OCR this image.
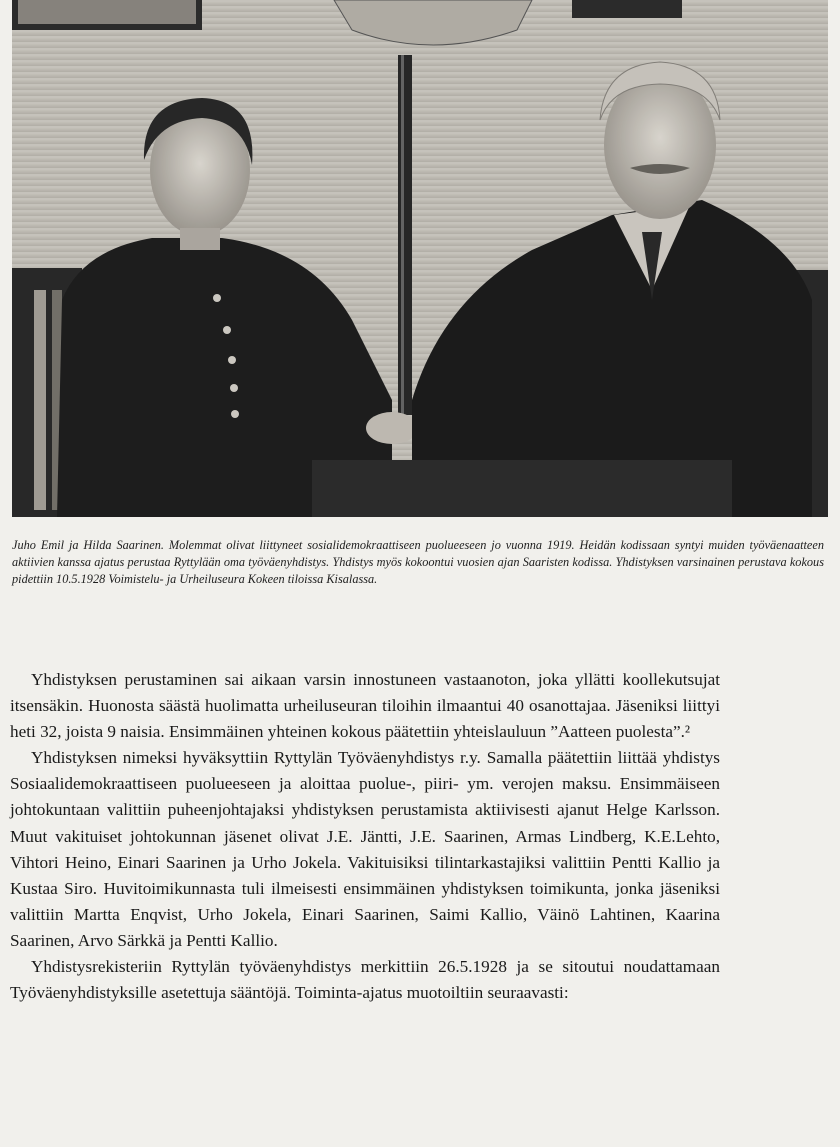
Juho Emil ja Hilda Saarinen. Molemmat olivat liittyneet sosialidemokraattiseen puolueeseen jo vuonna 1919. Heidän kodissaan syntyi muiden työväenaatteen aktiivien kanssa ajatus perustaa Ryttylään oma työväenyhdistys. Yhdistys myös kokoontui vuosien ajan Saaristen kodissa. Yhdistyksen varsinainen perustava kokous pidettiin 10.5.1928 Voimistelu- ja Urheiluseura Kokeen tiloissa Kisalassa.

Yhdistyksen perustaminen sai aikaan varsin innostuneen vastaanoton, joka yllätti koollekutsujat itsensäkin. Huonosta säästä huolimatta urheiluseuran tiloihin ilmaantui 40 osanottajaa. Jäseniksi liittyi heti 32, joista 9 naisia. Ensimmäinen yhteinen kokous päätettiin yhteislauluun ”Aatteen puolesta”.²

Yhdistyksen nimeksi hyväksyttiin Ryttylän Työväenyhdistys r.y. Samalla päätettiin liittää yhdistys Sosiaalidemokraattiseen puolueeseen ja aloittaa puolue-, piiri- ym. verojen maksu. Ensimmäiseen johtokuntaan valittiin puheenjohtajaksi yhdistyksen perustamista aktiivisesti ajanut Helge Karlsson. Muut vakituiset johtokunnan jäsenet olivat J.E. Jäntti, J.E. Saarinen, Armas Lindberg, K.E.Lehto, Vihtori Heino, Einari Saarinen ja Urho Jokela. Vakituisiksi tilintarkastajiksi valittiin Pentti Kallio ja Kustaa Siro. Huvitoimikunnasta tuli ilmeisesti ensimmäinen yhdistyksen toimikunta, jonka jäseniksi valittiin Martta Enqvist, Urho Jokela, Einari Saarinen, Saimi Kallio, Väinö Lahtinen, Kaarina Saarinen, Arvo Särkkä ja Pentti Kallio.

Yhdistysrekisteriin Ryttylän työväenyhdistys merkittiin 26.5.1928 ja se sitoutui noudattamaan Työväenyhdistyksille asetettuja sääntöjä. Toiminta-ajatus muotoiltiin seuraavasti:
